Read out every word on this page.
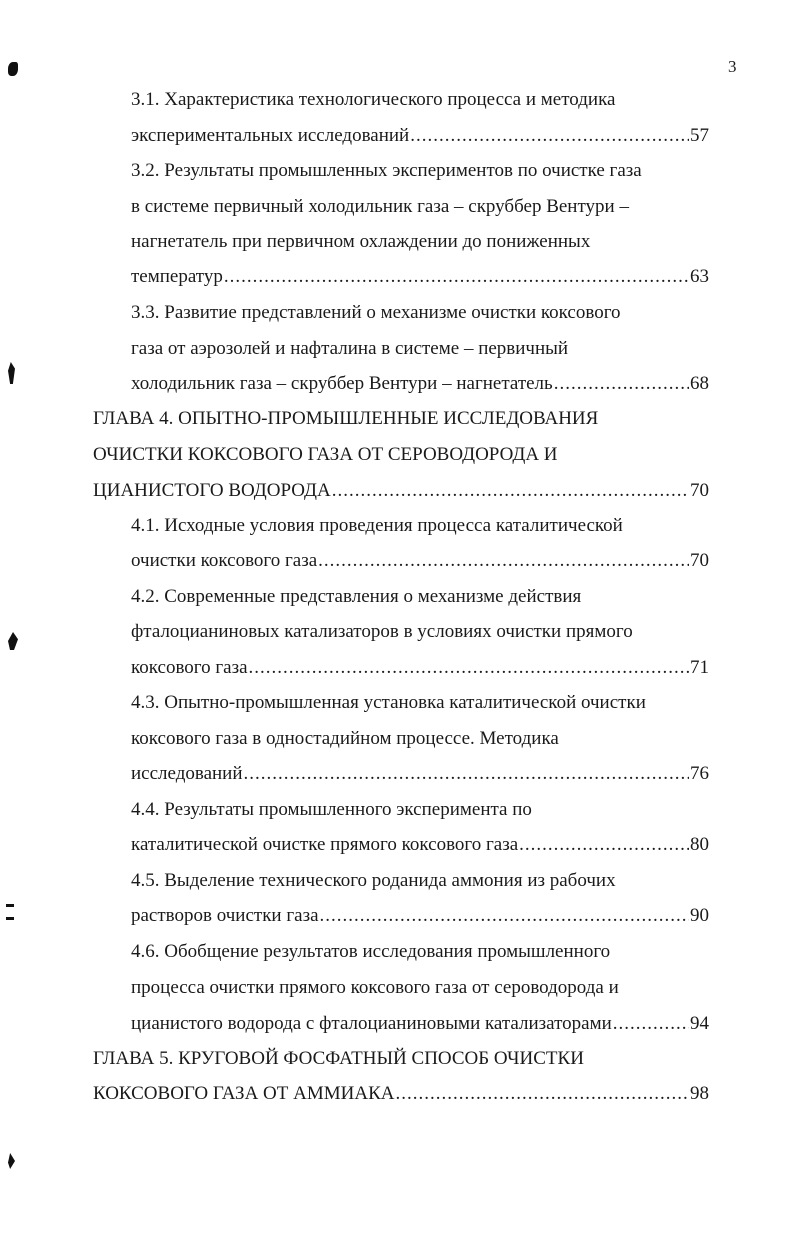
3
3.1. Характеристика технологического процесса и методика
экспериментальных исследований .....	57
3.2. Результаты промышленных экспериментов по очистке газа
в системе первичный холодильник газа – скруббер Вентури –
нагнетатель при первичном охлаждении до пониженных
температур .....	63
3.3. Развитие представлений о механизме очистки коксового
газа от аэрозолей и нафталина в системе – первичный
холодильник газа – скруббер Вентури – нагнетатель .....	68
ГЛАВА 4. ОПЫТНО-ПРОМЫШЛЕННЫЕ ИССЛЕДОВАНИЯ
ОЧИСТКИ КОКСОВОГО ГАЗА ОТ СЕРОВОДОРОДА И
ЦИАНИСТОГО ВОДОРОДА .....	70
4.1. Исходные условия проведения процесса каталитической
очистки коксового газа .....	70
4.2. Современные представления о механизме действия
фталоцианиновых катализаторов в условиях очистки прямого
коксового газа .....	71
4.3. Опытно-промышленная установка каталитической очистки
коксового газа в одностадийном процессе. Методика
исследований .....	76
4.4. Результаты промышленного эксперимента по
каталитической очистке прямого коксового газа .....	80
4.5. Выделение технического роданида аммония из рабочих
растворов очистки газа .....	90
4.6. Обобщение результатов исследования промышленного
процесса очистки прямого коксового газа от сероводорода и
цианистого водорода с фталоцианиновыми катализаторами .....	94
ГЛАВА 5. КРУГОВОЙ ФОСФАТНЫЙ СПОСОБ ОЧИСТКИ
КОКСОВОГО ГАЗА ОТ АММИАКА .....	98
